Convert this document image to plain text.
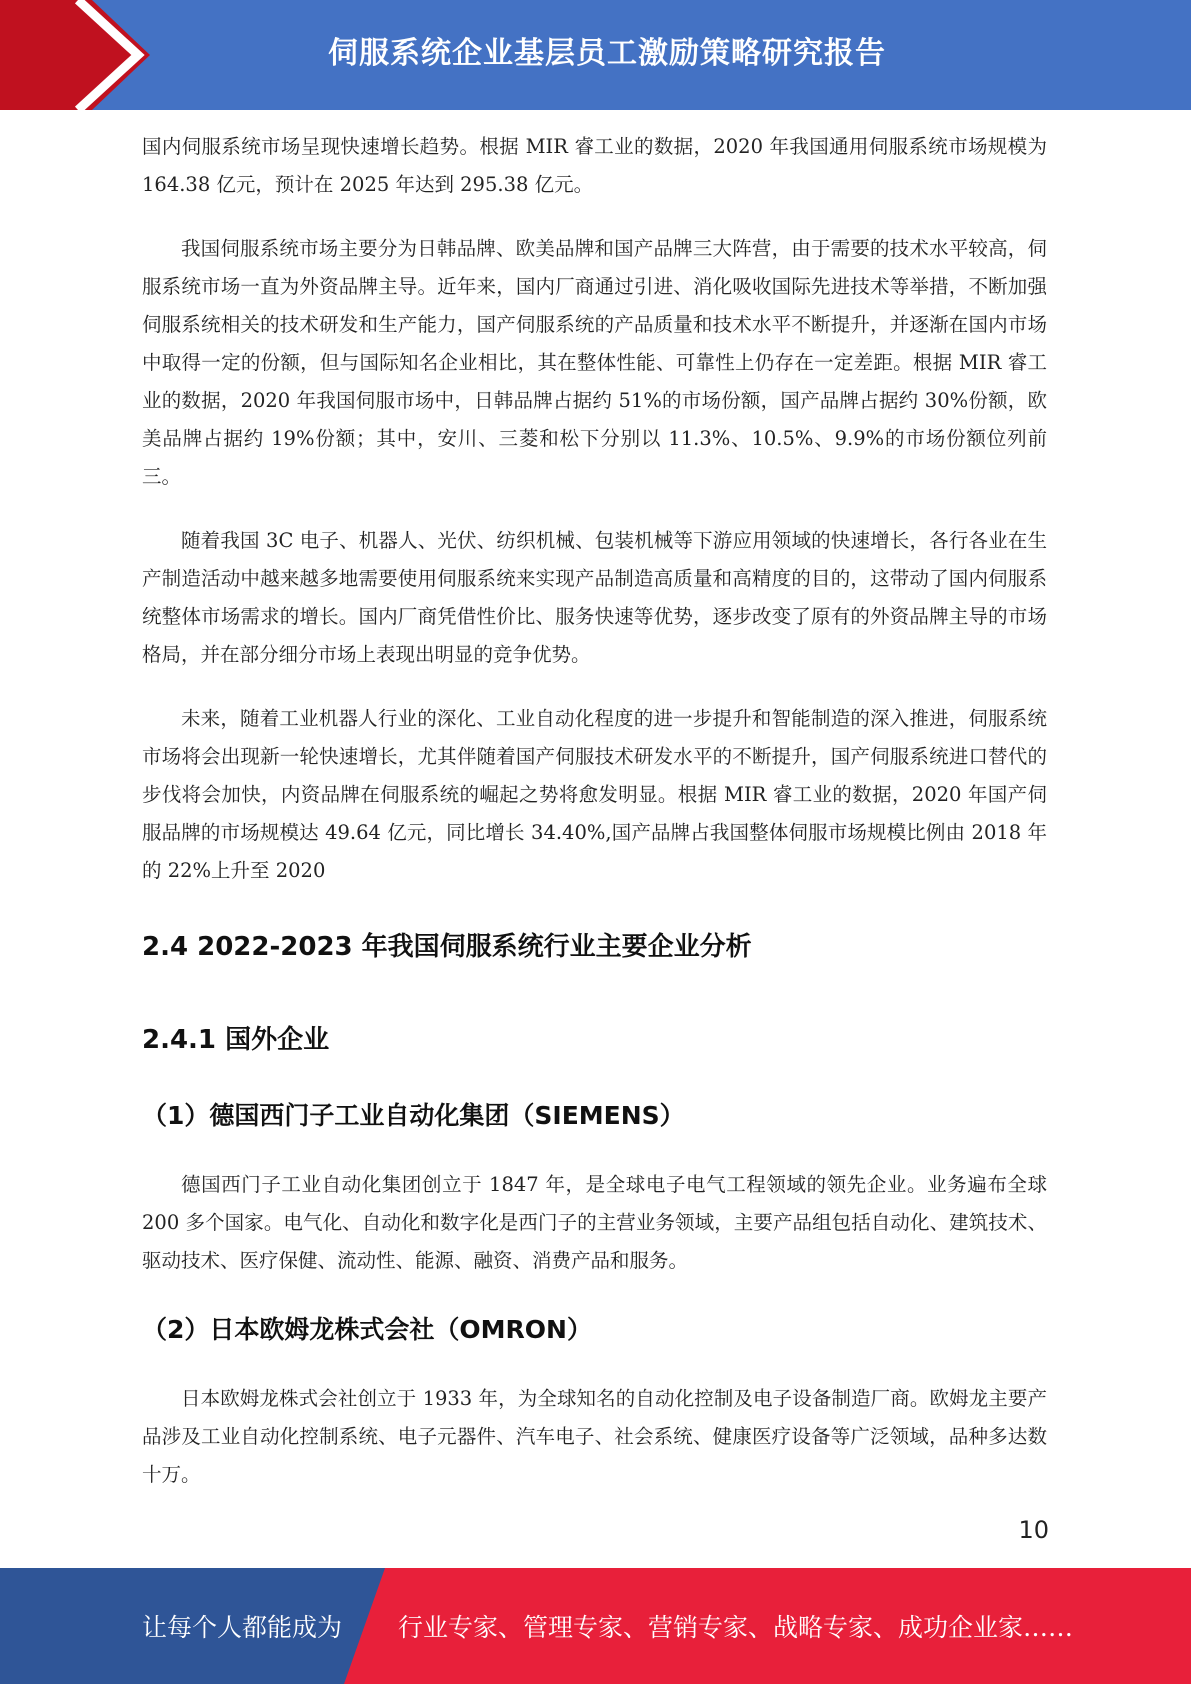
伺服系统企业基层员工激励策略研究报告

国内伺服系统市场呈现快速增长趋势。根据 MIR 睿工业的数据，2020 年我国通用伺服系统市场规模为 164.38 亿元，预计在 2025 年达到 295.38 亿元。

我国伺服系统市场主要分为日韩品牌、欧美品牌和国产品牌三大阵营，由于需要的技术水平较高，伺服系统市场一直为外资品牌主导。近年来，国内厂商通过引进、消化吸收国际先进技术等举措，不断加强伺服系统相关的技术研发和生产能力，国产伺服系统的产品质量和技术水平不断提升，并逐渐在国内市场中取得一定的份额，但与国际知名企业相比，其在整体性能、可靠性上仍存在一定差距。根据 MIR 睿工业的数据，2020 年我国伺服市场中，日韩品牌占据约 51%的市场份额，国产品牌占据约 30%份额，欧美品牌占据约 19%份额；其中，安川、三菱和松下分别以 11.3%、10.5%、9.9%的市场份额位列前三。

随着我国 3C 电子、机器人、光伏、纺织机械、包装机械等下游应用领域的快速增长，各行各业在生产制造活动中越来越多地需要使用伺服系统来实现产品制造高质量和高精度的目的，这带动了国内伺服系统整体市场需求的增长。国内厂商凭借性价比、服务快速等优势，逐步改变了原有的外资品牌主导的市场格局，并在部分细分市场上表现出明显的竞争优势。

未来，随着工业机器人行业的深化、工业自动化程度的进一步提升和智能制造的深入推进，伺服系统市场将会出现新一轮快速增长，尤其伴随着国产伺服技术研发水平的不断提升，国产伺服系统进口替代的步伐将会加快，内资品牌在伺服系统的崛起之势将愈发明显。根据 MIR 睿工业的数据，2020 年国产伺服品牌的市场规模达 49.64 亿元，同比增长 34.40%,国产品牌占我国整体伺服市场规模比例由 2018 年的 22%上升至 2020

2.4 2022-2023 年我国伺服系统行业主要企业分析
2.4.1 国外企业
（1）德国西门子工业自动化集团（SIEMENS）

德国西门子工业自动化集团创立于 1847 年，是全球电子电气工程领域的领先企业。业务遍布全球 200 多个国家。电气化、自动化和数字化是西门子的主营业务领域，主要产品组包括自动化、建筑技术、驱动技术、医疗保健、流动性、能源、融资、消费产品和服务。

（2）日本欧姆龙株式会社（OMRON）

日本欧姆龙株式会社创立于 1933 年，为全球知名的自动化控制及电子设备制造厂商。欧姆龙主要产品涉及工业自动化控制系统、电子元器件、汽车电子、社会系统、健康医疗设备等广泛领域，品种多达数十万。

10
让每个人都能成为 行业专家、管理专家、营销专家、战略专家、成功企业家……
